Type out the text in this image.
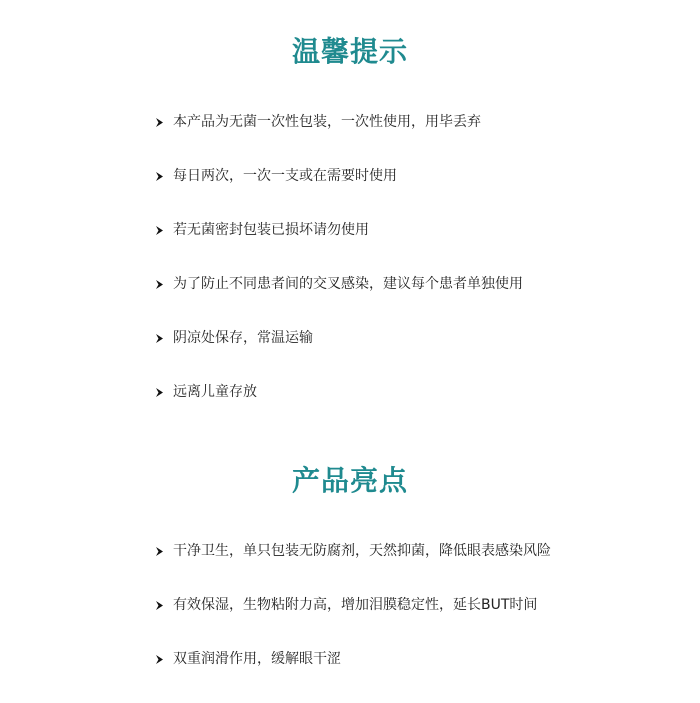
温馨提示
本产品为无菌一次性包装，一次性使用，用毕丢弃
每日两次，一次一支或在需要时使用
若无菌密封包装已损坏请勿使用
为了防止不同患者间的交叉感染，建议每个患者单独使用
阴凉处保存，常温运输
远离儿童存放
产品亮点
干净卫生，单只包装无防腐剂，天然抑菌，降低眼表感染风险
有效保湿，生物粘附力高，增加泪膜稳定性，延长BUT时间
双重润滑作用，缓解眼干涩
